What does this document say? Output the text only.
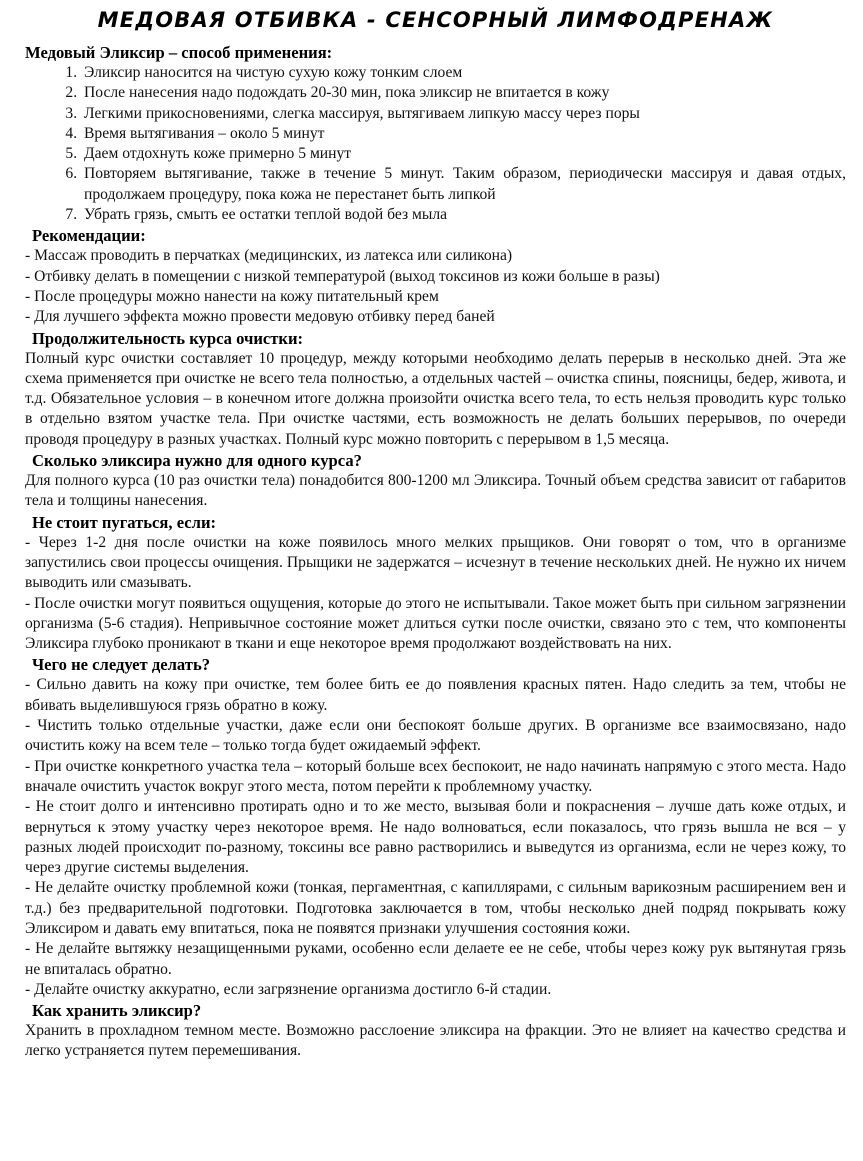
МЕДОВАЯ ОТБИВКА - СЕНСОРНЫЙ ЛИМФОДРЕНАЖ
Медовый Эликсир – способ применения:
1. Эликсир наносится на чистую сухую кожу тонким слоем
2. После нанесения надо подождать 20-30 мин, пока эликсир не впитается в кожу
3. Легкими прикосновениями, слегка массируя, вытягиваем липкую массу через поры
4. Время вытягивания – около 5 минут
5. Даем отдохнуть коже примерно 5 минут
6. Повторяем вытягивание, также в течение 5 минут. Таким образом, периодически массируя и давая отдых, продолжаем процедуру, пока кожа не перестанет быть липкой
7. Убрать грязь, смыть ее остатки теплой водой без мыла
Рекомендации:

- Массаж проводить в перчатках (медицинских, из латекса или силикона)

- Отбивку делать в помещении с низкой температурой (выход токсинов из кожи больше в разы)

- После процедуры можно нанести на кожу питательный крем

- Для лучшего эффекта можно провести медовую отбивку перед баней

Продолжительность курса очистки:

Полный курс очистки составляет 10 процедур, между которыми необходимо делать перерыв в несколько дней. Эта же схема применяется при очистке не всего тела полностью, а отдельных частей – очистка спины, поясницы, бедер, живота, и т.д. Обязательное условия – в конечном итоге должна произойти очистка всего тела, то есть нельзя проводить курс только в отдельно взятом участке тела. При очистке частями, есть возможность не делать больших перерывов, по очереди проводя процедуру в разных участках. Полный курс можно повторить с перерывом в 1,5 месяца.

Сколько эликсира нужно для одного курса?

Для полного курса (10 раз очистки тела) понадобится 800-1200 мл Эликсира. Точный объем средства зависит от габаритов тела и толщины нанесения.

Не стоит пугаться, если:

- Через 1-2 дня после очистки на коже появилось много мелких прыщиков. Они говорят о том, что в организме запустились свои процессы очищения. Прыщики не задержатся – исчезнут в течение нескольких дней. Не нужно их ничем выводить или смазывать.

- После очистки могут появиться ощущения, которые до этого не испытывали. Такое может быть при сильном загрязнении организма (5-6 стадия). Непривычное состояние может длиться сутки после очистки, связано это с тем, что компоненты Эликсира глубоко проникают в ткани и еще некоторое время продолжают воздействовать на них.

Чего не следует делать?

- Сильно давить на кожу при очистке, тем более бить ее до появления красных пятен. Надо следить за тем, чтобы не вбивать выделившуюся грязь обратно в кожу.

- Чистить только отдельные участки, даже если они беспокоят больше других. В организме все взаимосвязано, надо очистить кожу на всем теле – только тогда будет ожидаемый эффект.

- При очистке конкретного участка тела – который больше всех беспокоит, не надо начинать напрямую с этого места. Надо вначале очистить участок вокруг этого места, потом перейти к проблемному участку.

- Не стоит долго и интенсивно протирать одно и то же место, вызывая боли и покраснения – лучше дать коже отдых, и вернуться к этому участку через некоторое время. Не надо волноваться, если показалось, что грязь вышла не вся – у разных людей происходит по-разному, токсины все равно растворились и выведутся из организма, если не через кожу, то через другие системы выделения.

- Не делайте очистку проблемной кожи (тонкая, пергаментная, с капиллярами, с сильным варикозным расширением вен и т.д.) без предварительной подготовки. Подготовка заключается в том, чтобы несколько дней подряд покрывать кожу Эликсиром и давать ему впитаться, пока не появятся признаки улучшения состояния кожи.

- Не делайте вытяжку незащищенными руками, особенно если делаете ее не себе, чтобы через кожу рук вытянутая грязь не впиталась обратно.

- Делайте очистку аккуратно, если загрязнение организма достигло 6-й стадии.

Как хранить эликсир?

Хранить в прохладном темном месте. Возможно расслоение эликсира на фракции. Это не влияет на качество средства и легко устраняется путем перемешивания.
